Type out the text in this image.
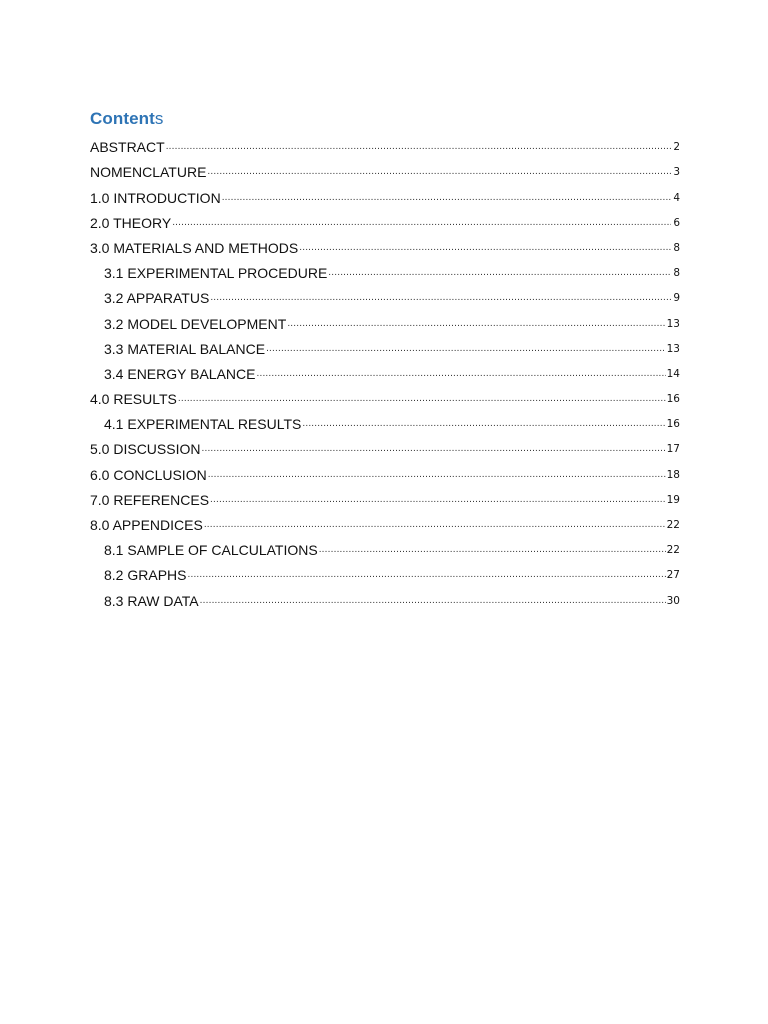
Contents
ABSTRACT .....	2
NOMENCLATURE .....	3
1.0 INTRODUCTION .....	4
2.0 THEORY .....	6
3.0 MATERIALS AND METHODS .....	8
3.1 EXPERIMENTAL PROCEDURE .....	8
3.2 APPARATUS .....	9
3.2 MODEL DEVELOPMENT .....	13
3.3 MATERIAL BALANCE .....	13
3.4 ENERGY BALANCE .....	14
4.0 RESULTS .....	16
4.1 EXPERIMENTAL RESULTS .....	16
5.0 DISCUSSION .....	17
6.0 CONCLUSION .....	18
7.0 REFERENCES .....	19
8.0 APPENDICES .....	22
8.1 SAMPLE OF CALCULATIONS .....	22
8.2 GRAPHS .....	27
8.3 RAW DATA .....	30
